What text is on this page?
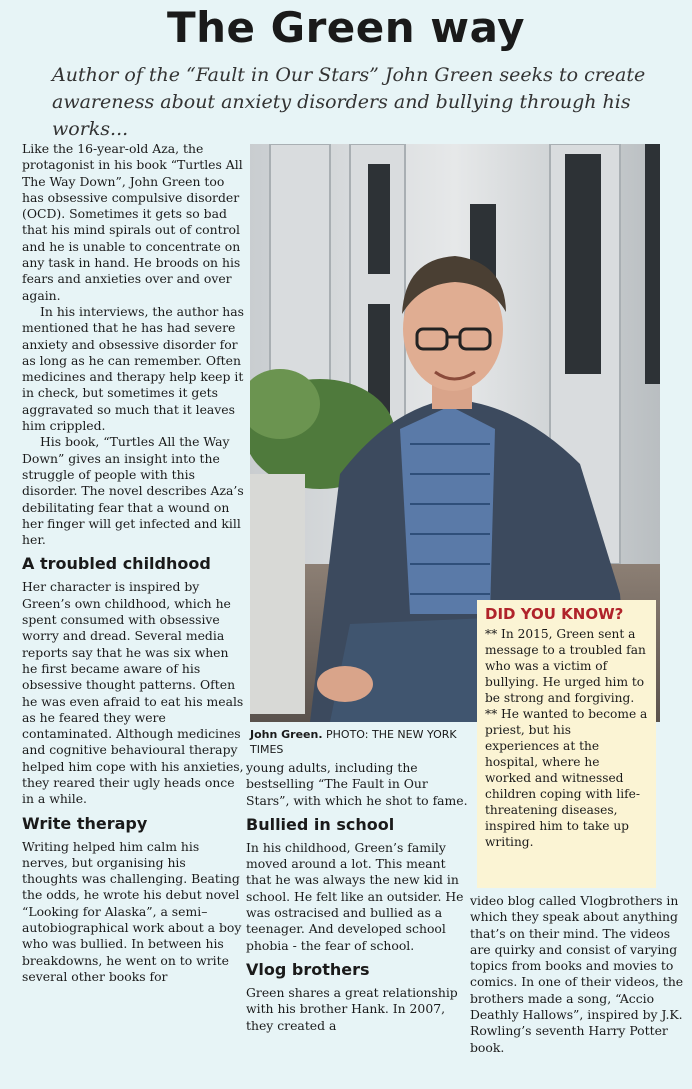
The Green way

Author of the “Fault in Our Stars” John Green seeks to create awareness about anxiety disorders and bullying through his works...

Like the 16-year-old Aza, the protagonist in his book “Turtles All The Way Down”, John Green too has obsessive compulsive disorder (OCD). Sometimes it gets so bad that his mind spirals out of control and he is unable to concentrate on any task in hand. He broods on his fears and anxieties over and over again.

In his interviews, the author has mentioned that he has had severe anxiety and obsessive disorder for as long as he can remember. Often medicines and therapy help keep it in check, but sometimes it gets aggravated so much that it leaves him crippled.

His book, “Turtles All the Way Down” gives an insight into the struggle of people with this disorder. The novel describes Aza’s debilitating fear that a wound on her finger will get infected and kill her.

A troubled childhood

Her character is inspired by Green’s own childhood, which he spent consumed with obsessive worry and dread. Several media reports say that he was six when he first became aware of his obsessive thought patterns. Often he was even afraid to eat his meals as he feared they were contaminated. Although medicines and cognitive behavioural therapy helped him cope with his anxieties, they reared their ugly heads once in a while.

Write therapy

Writing helped him calm his nerves, but organising his thoughts was challenging. Beating the odds, he wrote his debut novel “Looking for Alaska”, a semi–autobiographical work about a boy who was bullied. In between his breakdowns, he went on to write several other books for

John Green. PHOTO: THE NEW YORK TIMES
DID YOU KNOW?

** In 2015, Green sent a message to a troubled fan who was a victim of bullying. He urged him to be strong and forgiving.

** He wanted to become a priest, but his experiences at the hospital, where he worked and witnessed children coping with life-threatening diseases, inspired him to take up writing.

young adults, including the bestselling “The Fault in Our Stars”, with which he shot to fame.

Bullied in school

In his childhood, Green’s family moved around a lot. This meant that he was always the new kid in school. He felt like an outsider. He was ostracised and bullied as a teenager. And developed school phobia - the fear of school.

Vlog brothers

Green shares a great relationship with his brother Hank. In 2007, they created a

video blog called Vlogbrothers in which they speak about anything that’s on their mind. The videos are quirky and consist of varying topics from books and movies to comics. In one of their videos, the brothers made a song, “Accio Deathly Hallows”, inspired by J.K. Rowling’s seventh Harry Potter book.
